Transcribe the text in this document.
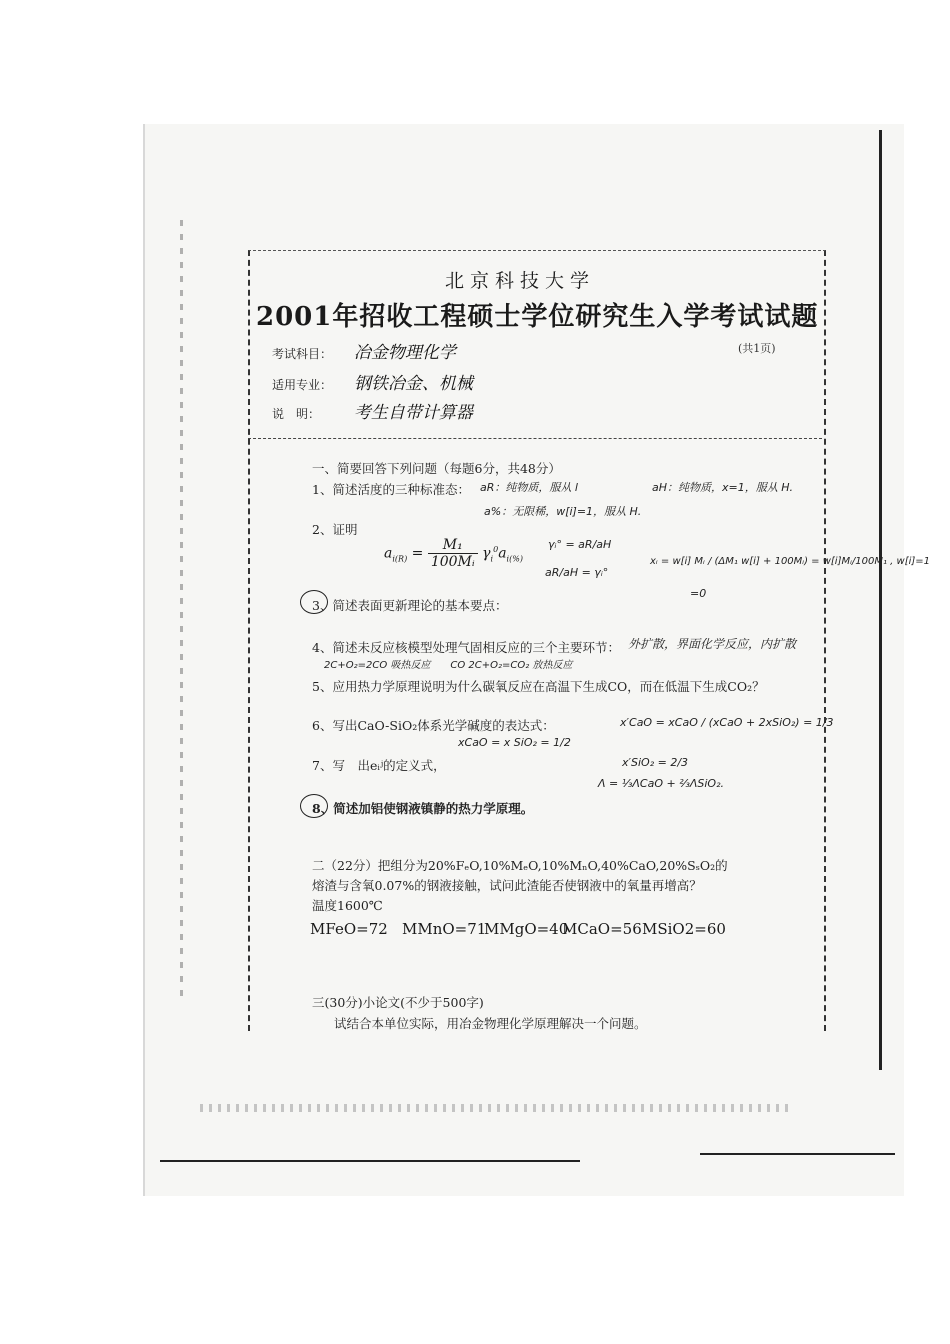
北京科技大学
2001年招收工程硕士学位研究生入学考试试题
考试科目： 冶金物理化学	(共1页)
适用专业： 钢铁冶金、机械
说　明： 考生自带计算器
一、简要回答下列问题（每题6分，共48分）
1、简述活度的三种标准态： aR：纯物质，服从 l	aH：纯物质，x=1，服从 H.
a%：无限稀，w[i]=1，服从 H.
2、证明
$a_{i(R)} = \frac{\text{M₁}}{\text{100Mᵢ}} \gamma_i^0a_{i(\%)}$
γᵢ° = aR/aH
aR/aH = γᵢ°
xᵢ = w[i] Mᵢ / (ΔM₁ w[i] + 100Mᵢ) = w[i]Mᵢ/100M₁ , w[i]=1
=0
3、简述表面更新理论的基本要点：
4、简述未反应核模型处理气固相反应的三个主要环节： 外扩散，界面化学反应，内扩散
2C+O₂=2CO 吸热反应　　CO 2C+O₂=CO₂ 放热反应
5、应用热力学原理说明为什么碳氧反应在高温下生成CO，而在低温下生成CO₂？
6、写出CaO-SiO₂体系光学碱度的表达式：	x′CaO = xCaO / (xCaO + 2xSiO₂) = 1/3
xCaO = x SiO₂ = 1/2
x′SiO₂ = 2/3
Λ = ⅓ΛCaO + ⅔ΛSiO₂.
7、写　出eᵢʲ的定义式，
8、简述加铝使钢液镇静的热力学原理。
二（22分）把组分为20%FₑO,10%MₑO,10%MₙO,40%CaO,20%SₛO₂的
熔渣与含氧0.07%的钢液接触，试问此渣能否使钢液中的氧量再增高？
温度1600℃
MFeO=72 MMnO=71
MMgO=40
MCaO=56 MSiO2=60
三(30分)小论文(不少于500字)
试结合本单位实际，用冶金物理化学原理解决一个问题。
